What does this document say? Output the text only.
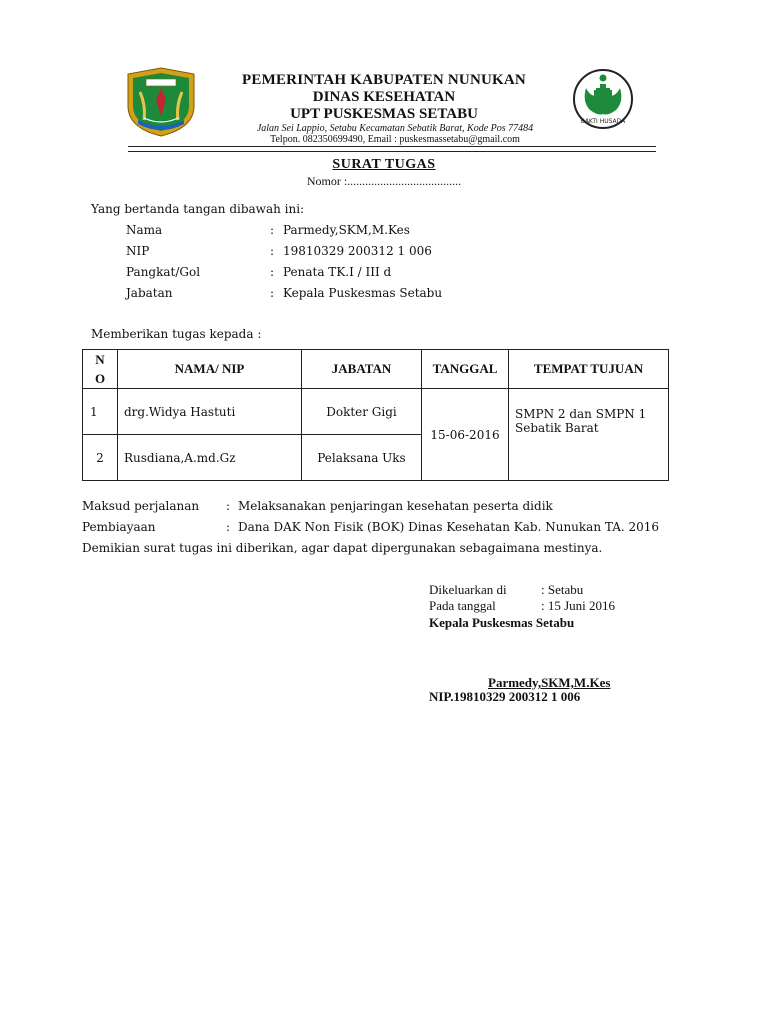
BAKTI HUSADA
PEMERINTAH KABUPATEN NUNUKAN
DINAS KESEHATAN
UPT PUSKESMAS SETABU
Jalan Sei Lappio, Setabu Kecamatan Sebatik Barat, Kode Pos 77484
Telpon. 082350699490, Email : puskesmassetabu@gmail.com
SURAT TUGAS
Nomor :......................................
Yang bertanda tangan dibawah ini:
Nama	: Parmedy,SKM,M.Kes
NIP	: 19810329 200312 1 006
Pangkat/Gol	: Penata TK.I / III d
Jabatan	: Kepala Puskesmas Setabu
Memberikan tugas kepada :
N
O	NAMA/ NIP	JABATAN	TANGGAL	TEMPAT TUJUAN
1	drg.Widya Hastuti	Dokter Gigi	15-06-2016	SMPN 2 dan SMPN 1
Sebatik Barat
2	Rusdiana,A.md.Gz	Pelaksana Uks		
Maksud perjalanan : Melaksanakan penjaringan kesehatan peserta didik
Pembiayaan	: Dana DAK Non Fisik (BOK) Dinas Kesehatan Kab. Nunukan TA. 2016
Demikian surat tugas ini diberikan, agar dapat dipergunakan sebagaimana mestinya.
Dikeluarkan di	: Setabu
Pada tanggal	: 15 Juni 2016
Kepala Puskesmas Setabu
Parmedy,SKM,M.Kes
NIP.19810329 200312 1 006
